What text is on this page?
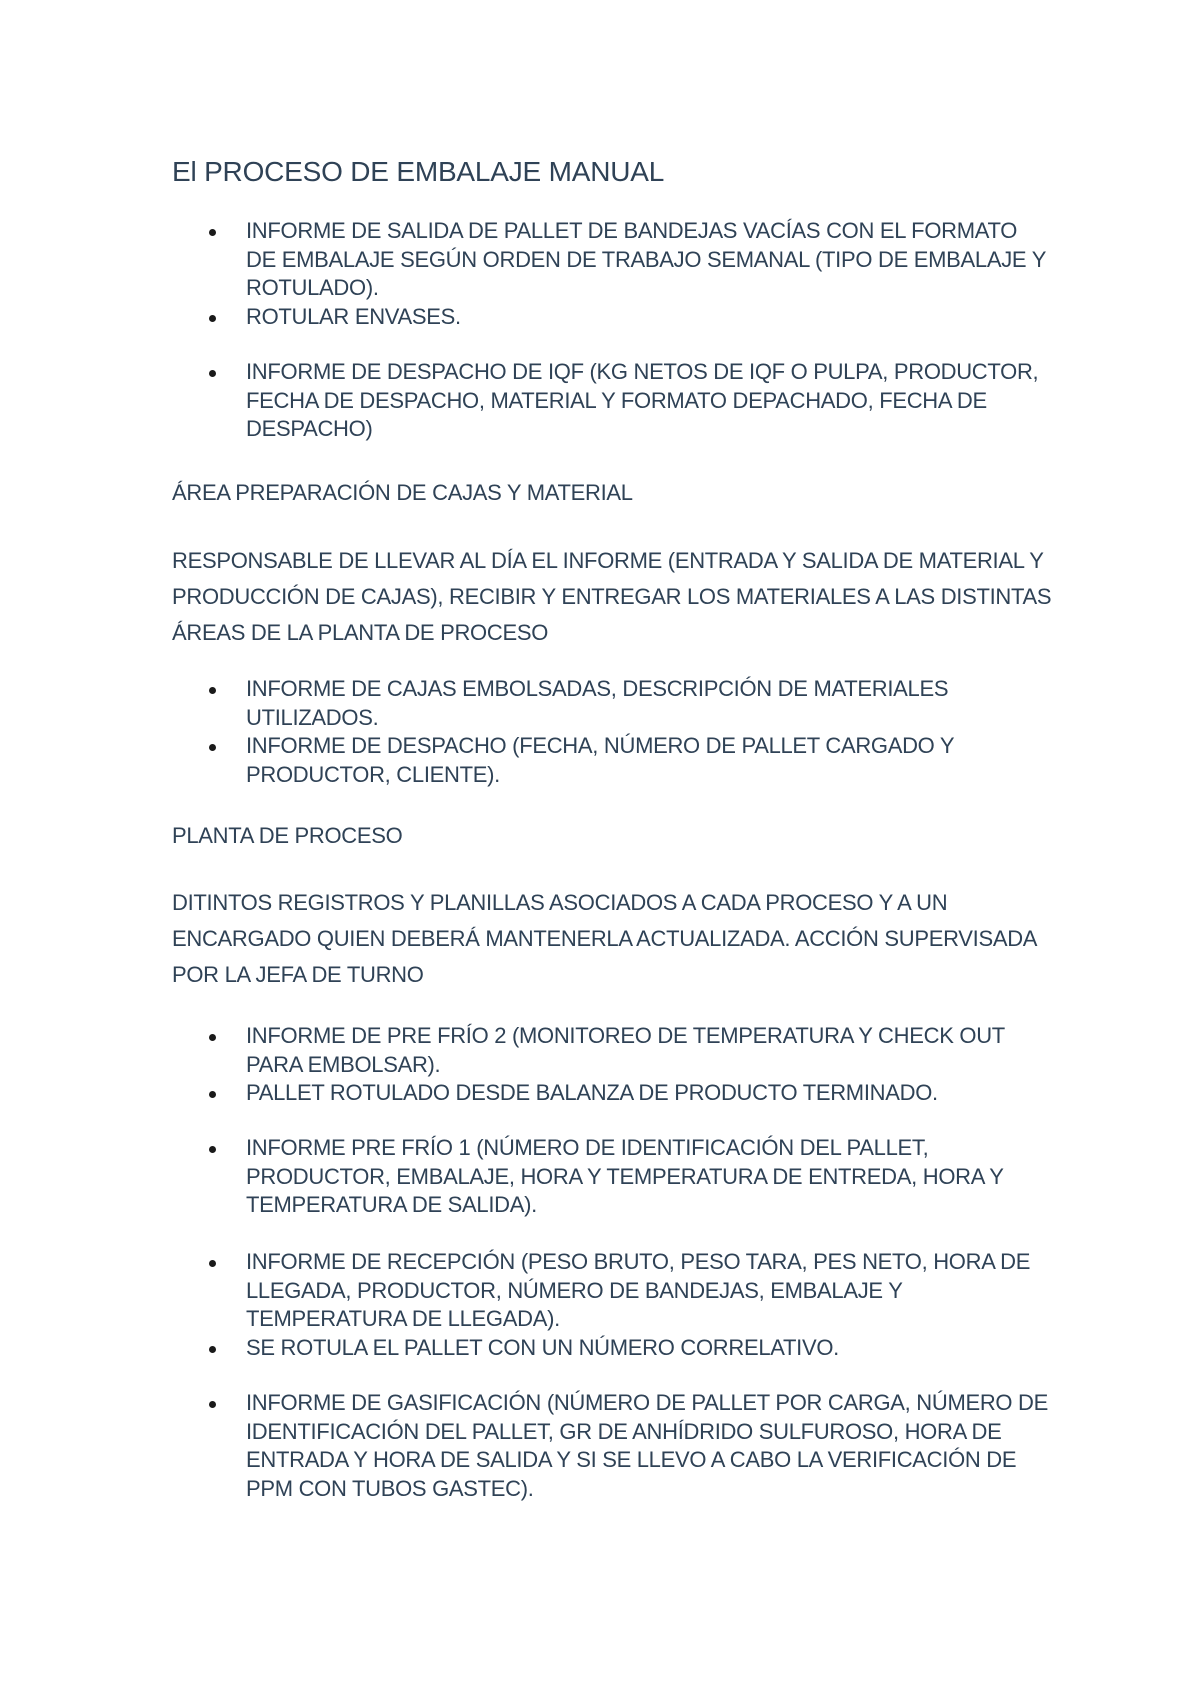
El PROCESO DE EMBALAJE MANUAL
INFORME DE SALIDA DE PALLET DE BANDEJAS VACÍAS CON EL FORMATO DE EMBALAJE SEGÚN ORDEN DE TRABAJO SEMANAL (TIPO DE EMBALAJE Y ROTULADO).
ROTULAR ENVASES.
INFORME DE DESPACHO DE IQF (KG NETOS DE IQF O PULPA, PRODUCTOR, FECHA DE DESPACHO, MATERIAL Y FORMATO DEPACHADO, FECHA DE DESPACHO)

ÁREA PREPARACIÓN DE CAJAS Y MATERIAL

RESPONSABLE DE LLEVAR AL DÍA EL INFORME (ENTRADA Y SALIDA DE MATERIAL Y PRODUCCIÓN DE CAJAS), RECIBIR Y ENTREGAR LOS MATERIALES A LAS DISTINTAS ÁREAS DE LA PLANTA DE PROCESO

INFORME DE CAJAS EMBOLSADAS, DESCRIPCIÓN DE MATERIALES UTILIZADOS.
INFORME DE DESPACHO (FECHA, NÚMERO DE PALLET CARGADO Y PRODUCTOR, CLIENTE).

PLANTA DE PROCESO

DITINTOS REGISTROS Y PLANILLAS ASOCIADOS A CADA PROCESO Y A UN ENCARGADO QUIEN DEBERÁ MANTENERLA ACTUALIZADA. ACCIÓN SUPERVISADA POR LA JEFA DE TURNO

INFORME DE PRE FRÍO 2 (MONITOREO DE TEMPERATURA Y CHECK OUT PARA EMBOLSAR).
PALLET ROTULADO DESDE BALANZA DE PRODUCTO TERMINADO.
INFORME PRE FRÍO 1 (NÚMERO DE IDENTIFICACIÓN DEL PALLET, PRODUCTOR, EMBALAJE, HORA Y TEMPERATURA DE ENTREDA, HORA Y TEMPERATURA DE SALIDA).
INFORME DE RECEPCIÓN (PESO BRUTO, PESO TARA, PES NETO, HORA DE LLEGADA, PRODUCTOR, NÚMERO DE BANDEJAS, EMBALAJE Y TEMPERATURA DE LLEGADA).
SE ROTULA EL PALLET CON UN NÚMERO CORRELATIVO.
INFORME DE GASIFICACIÓN (NÚMERO DE PALLET POR CARGA, NÚMERO DE IDENTIFICACIÓN DEL PALLET, GR DE ANHÍDRIDO SULFUROSO, HORA DE ENTRADA Y HORA DE SALIDA Y SI SE LLEVO A CABO LA VERIFICACIÓN DE PPM CON TUBOS GASTEC).
